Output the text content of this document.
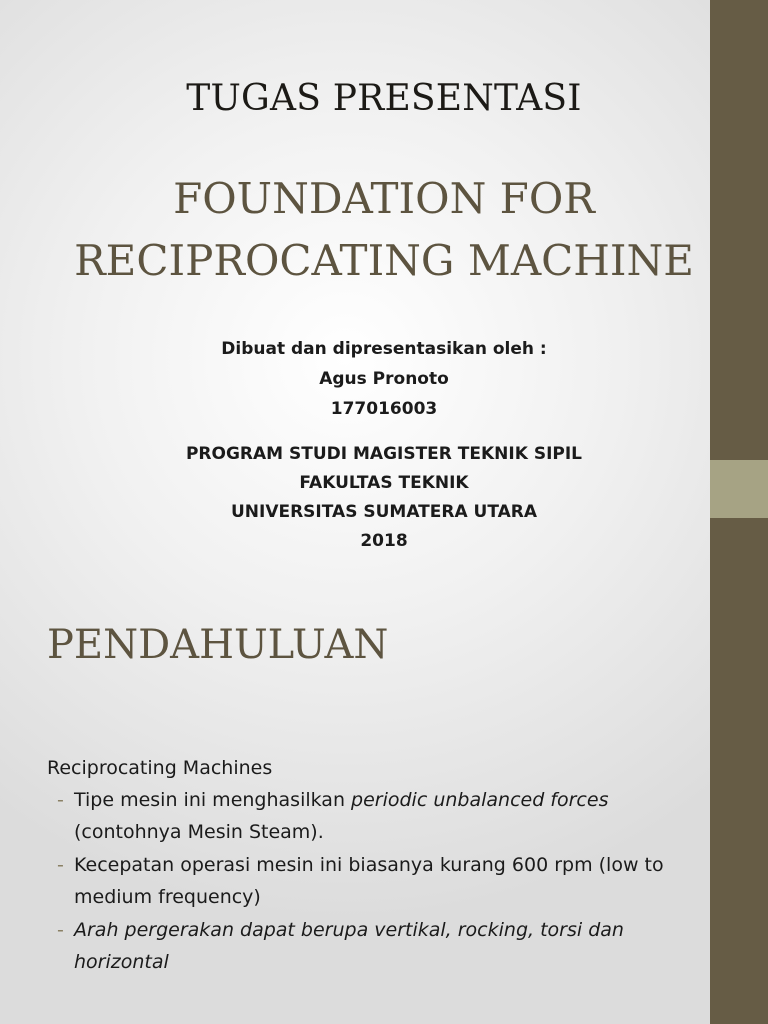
TUGAS PRESENTASI
FOUNDATION FOR
RECIPROCATING MACHINE
Dibuat dan dipresentasikan oleh :
Agus Pronoto
177016003
PROGRAM STUDI MAGISTER TEKNIK SIPIL
FAKULTAS TEKNIK
UNIVERSITAS SUMATERA UTARA
2018
PENDAHULUAN
Reciprocating Machines
- Tipe mesin ini menghasilkan periodic unbalanced forces (contohnya Mesin Steam).
- Kecepatan operasi mesin ini biasanya kurang 600 rpm (low to medium frequency)
- Arah pergerakan dapat berupa vertikal, rocking, torsi dan horizontal
